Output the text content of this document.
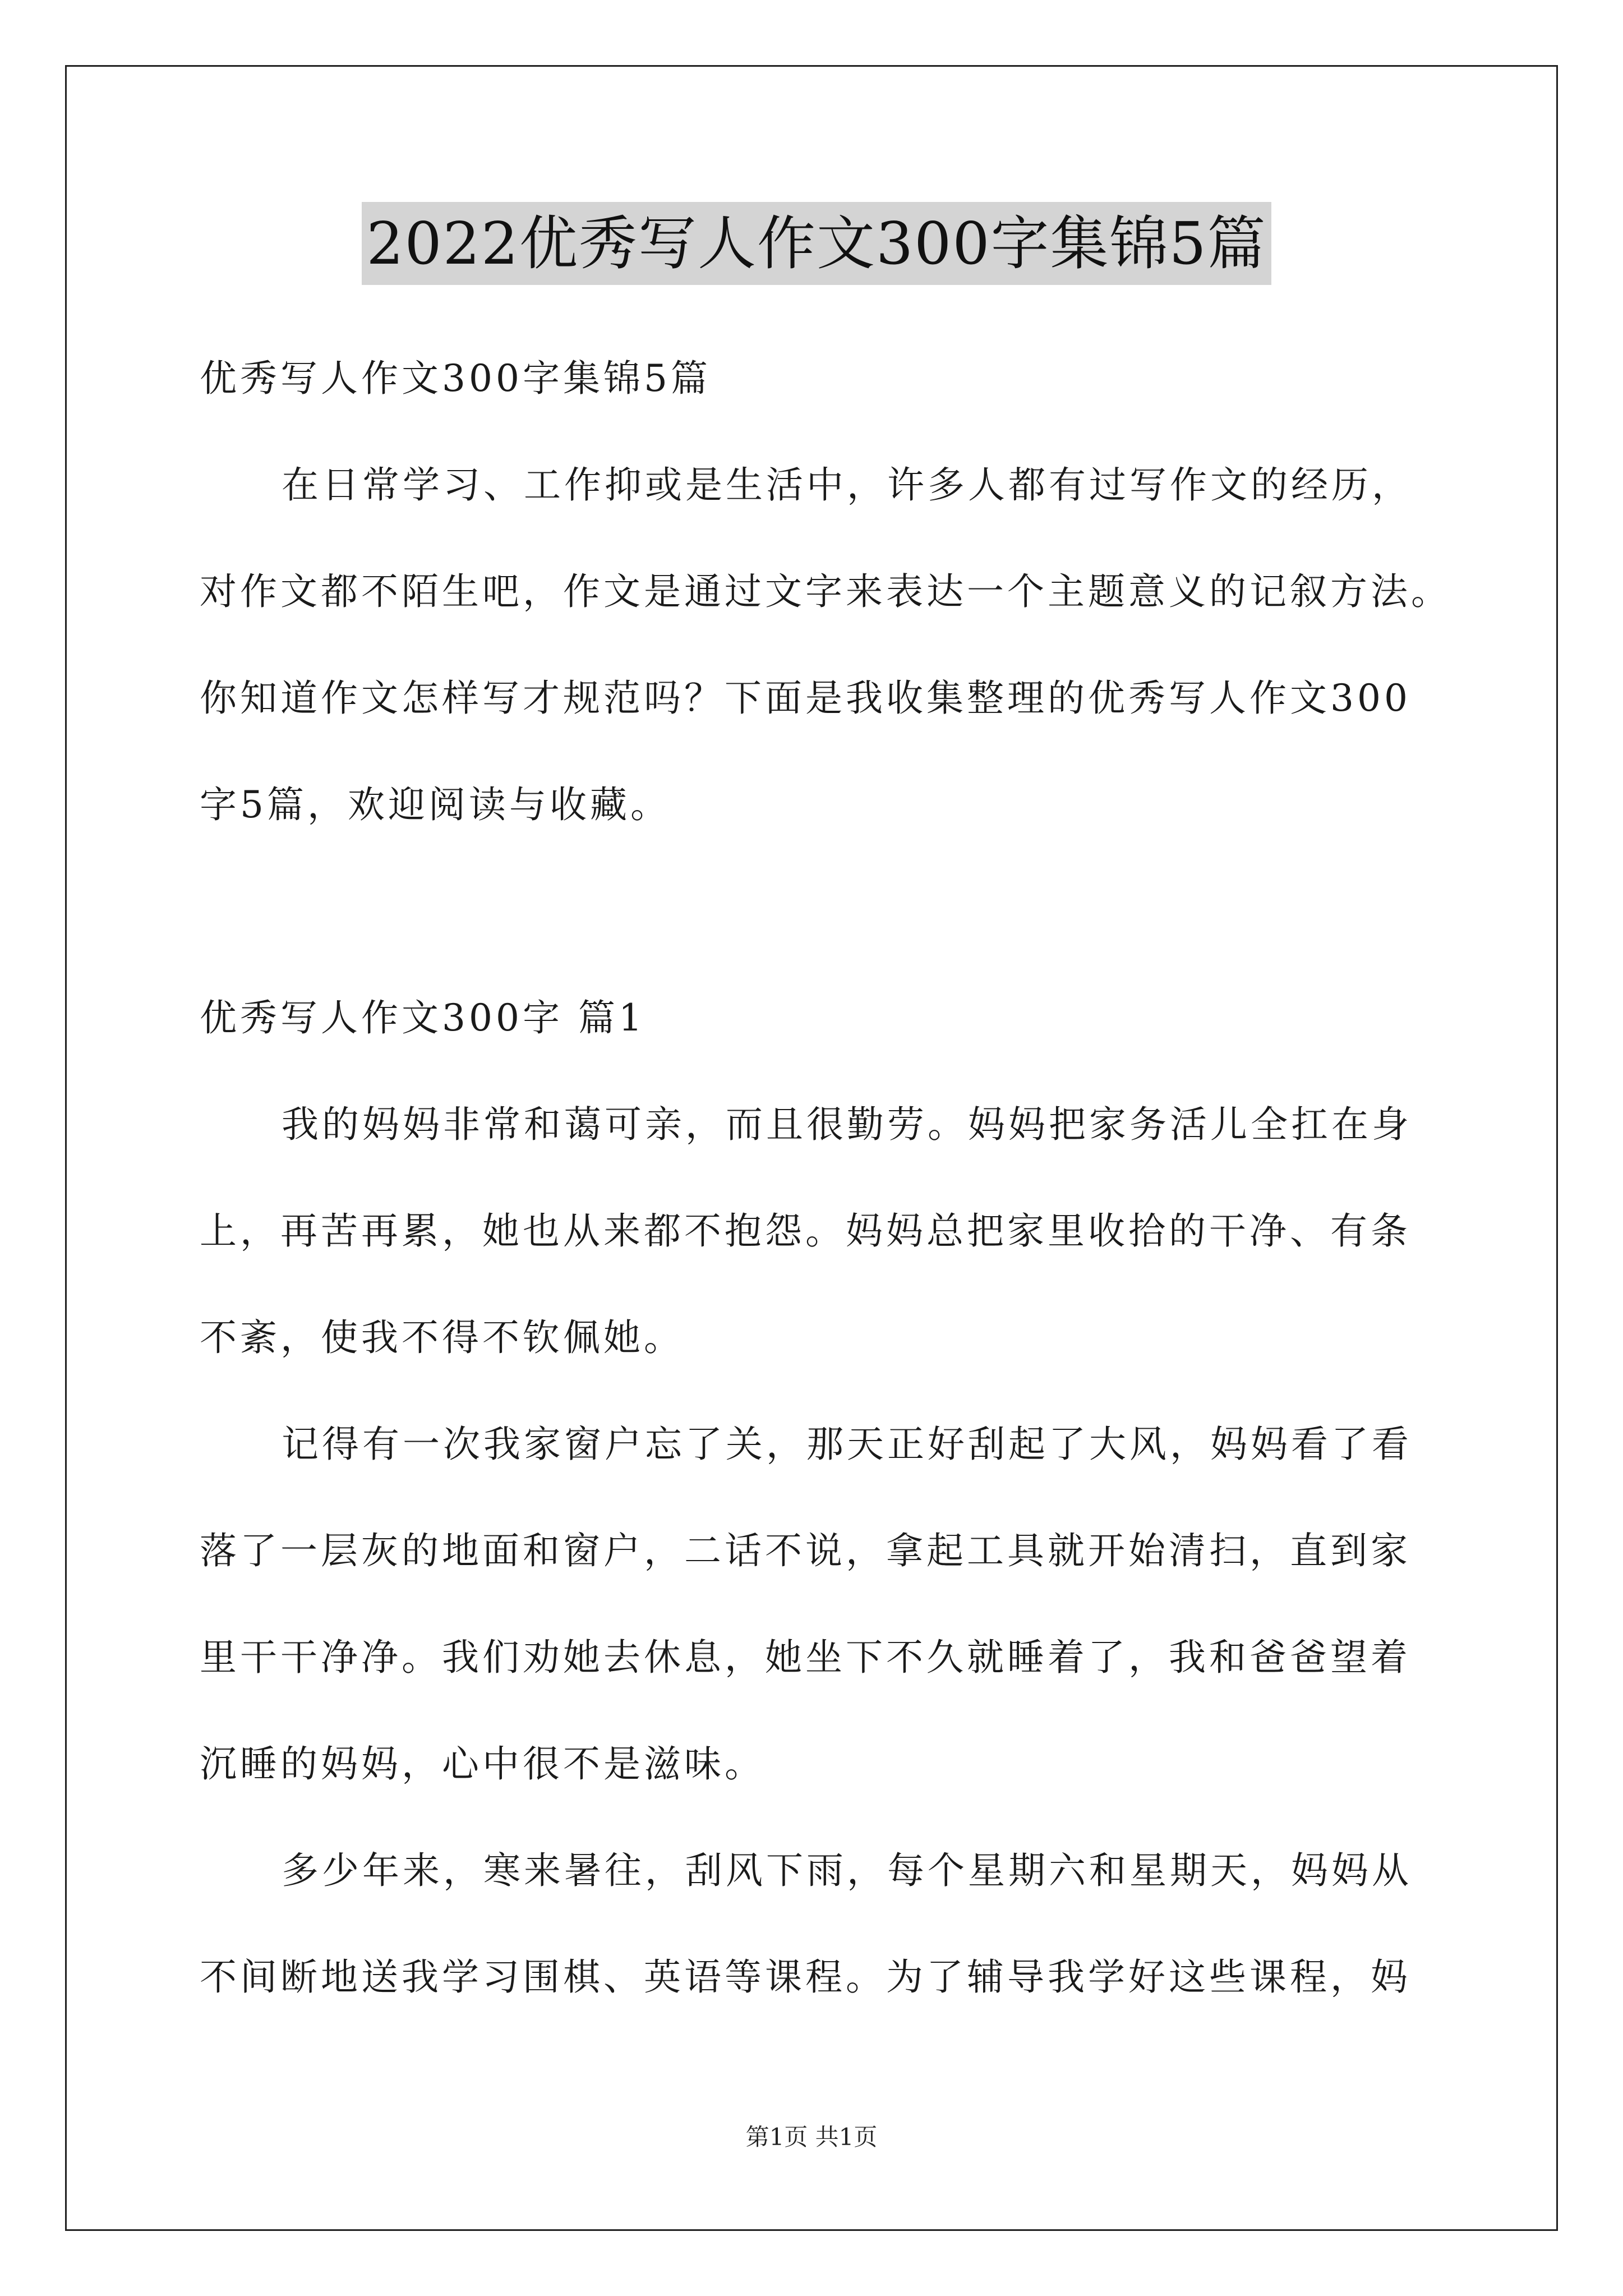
2022优秀写人作文300字集锦5篇
优秀写人作文300字集锦5篇
在日常学习、工作抑或是生活中，许多人都有过写作文的经历，
对作文都不陌生吧，作文是通过文字来表达一个主题意义的记叙方法。
你知道作文怎样写才规范吗？下面是我收集整理的优秀写人作文300
字5篇，欢迎阅读与收藏。
优秀写人作文300字 篇1
我的妈妈非常和蔼可亲，而且很勤劳。妈妈把家务活儿全扛在身
上，再苦再累，她也从来都不抱怨。妈妈总把家里收拾的干净、有条
不紊，使我不得不钦佩她。
记得有一次我家窗户忘了关，那天正好刮起了大风，妈妈看了看
落了一层灰的地面和窗户，二话不说，拿起工具就开始清扫，直到家
里干干净净。我们劝她去休息，她坐下不久就睡着了，我和爸爸望着
沉睡的妈妈，心中很不是滋味。
多少年来，寒来暑往，刮风下雨，每个星期六和星期天，妈妈从
不间断地送我学习围棋、英语等课程。为了辅导我学好这些课程，妈
第1页 共1页
